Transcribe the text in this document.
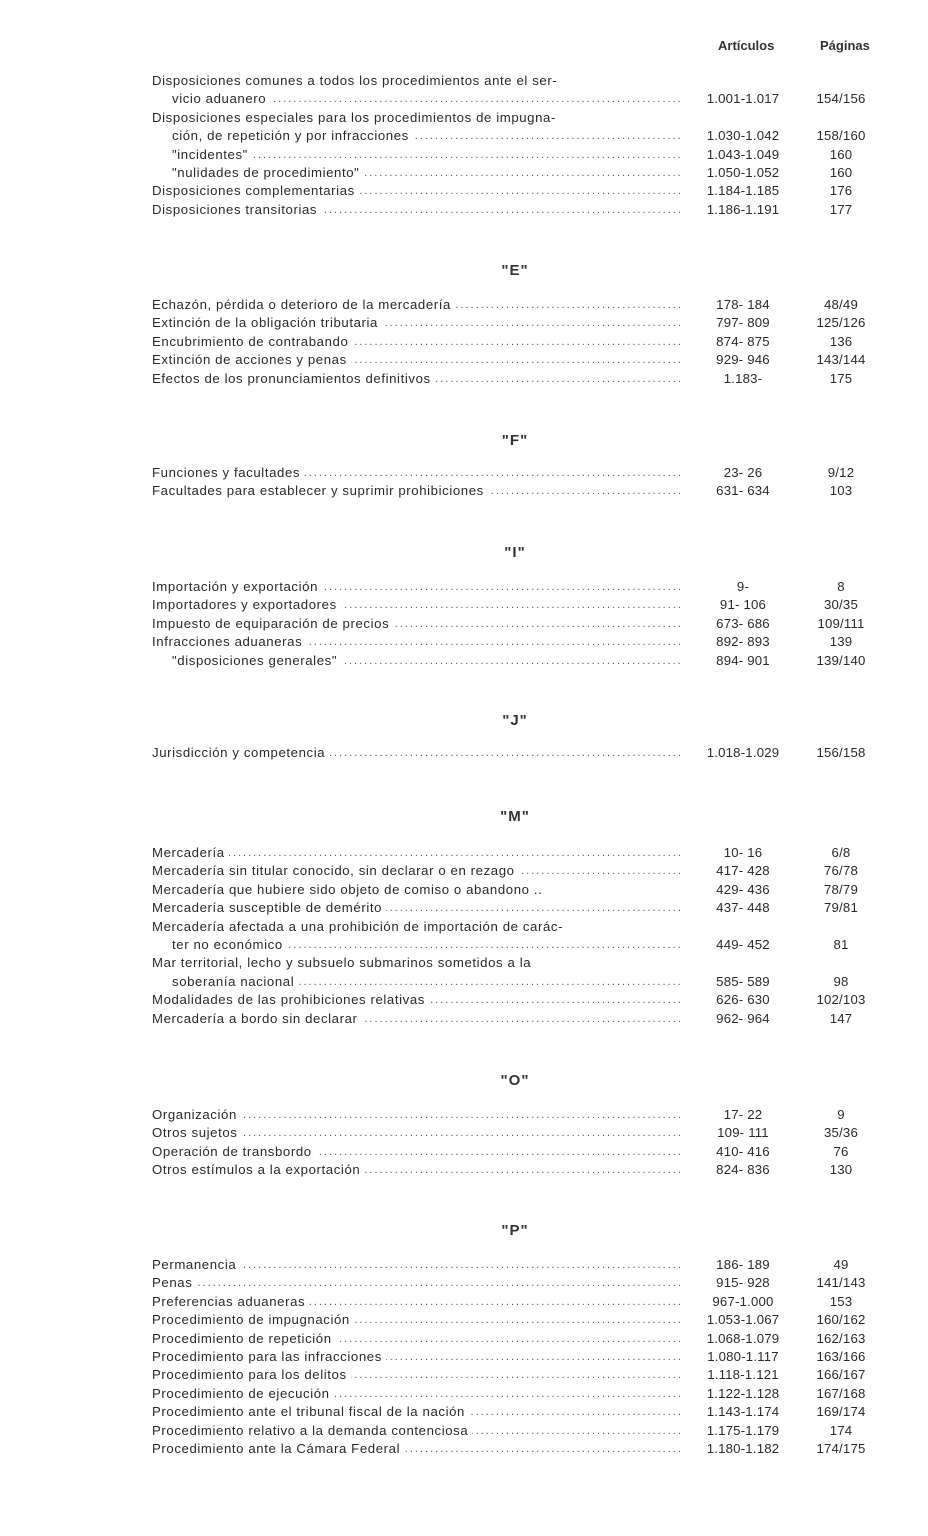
Artículos	Páginas
Disposiciones comunes a todos los procedimientos ante el ser-
vicio aduanero .....	1.001-1.017	154/156
Disposiciones especiales para los procedimientos de impugna-
ción, de repetición y por infracciones .....	1.030-1.042	158/160
"incidentes" .....	1.043-1.049	160
"nulidades de procedimiento" .....	1.050-1.052	160
Disposiciones complementarias .....	1.184-1.185	176
Disposiciones transitorias .....	1.186-1.191	177
"E"
Echazón, pérdida o deterioro de la mercadería .....	178- 184	48/49
Extinción de la obligación tributaria .....	797- 809	125/126
Encubrimiento de contrabando .....	874- 875	136
Extinción de acciones y penas .....	929- 946	143/144
Efectos de los pronunciamientos definitivos .....	1.183-	175
"F"
Funciones y facultades .....	23- 26	9/12
Facultades para establecer y suprimir prohibiciones .....	631- 634	103
"I"
Importación y exportación .....	9-	8
Importadores y exportadores .....	91- 106	30/35
Impuesto de equiparación de precios .....	673- 686	109/111
Infracciones aduaneras .....	892- 893	139
"disposiciones generales" .....	894- 901	139/140
"J"
Jurisdicción y competencia .....	1.018-1.029	156/158
"M"
Mercadería .....	10- 16	6/8
Mercadería sin titular conocido, sin declarar o en rezago .....	417- 428	76/78
Mercadería que hubiere sido objeto de comiso o abandono ..	429- 436	78/79
Mercadería susceptible de demérito .....	437- 448	79/81
Mercadería afectada a una prohibición de importación de carác-
ter no económico .....	449- 452	81
Mar territorial, lecho y subsuelo submarinos sometidos a la
soberanía nacional .....	585- 589	98
Modalidades de las prohibiciones relativas .....	626- 630	102/103
Mercadería a bordo sin declarar .....	962- 964	147
"O"
Organización .....	17- 22	9
Otros sujetos .....	109- 111	35/36
Operación de transbordo .....	410- 416	76
Otros estímulos a la exportación .....	824- 836	130
"P"
Permanencia .....	186- 189	49
Penas .....	915- 928	141/143
Preferencias aduaneras .....	967-1.000	153
Procedimiento de impugnación .....	1.053-1.067	160/162
Procedimiento de repetición .....	1.068-1.079	162/163
Procedimiento para las infracciones .....	1.080-1.117	163/166
Procedimiento para los delitos .....	1.118-1.121	166/167
Procedimiento de ejecución .....	1.122-1.128	167/168
Procedimiento ante el tribunal fiscal de la nación .....	1.143-1.174	169/174
Procedimiento relativo a la demanda contenciosa .....	1.175-1.179	174
Procedimiento ante la Cámara Federal .....	1.180-1.182	174/175
